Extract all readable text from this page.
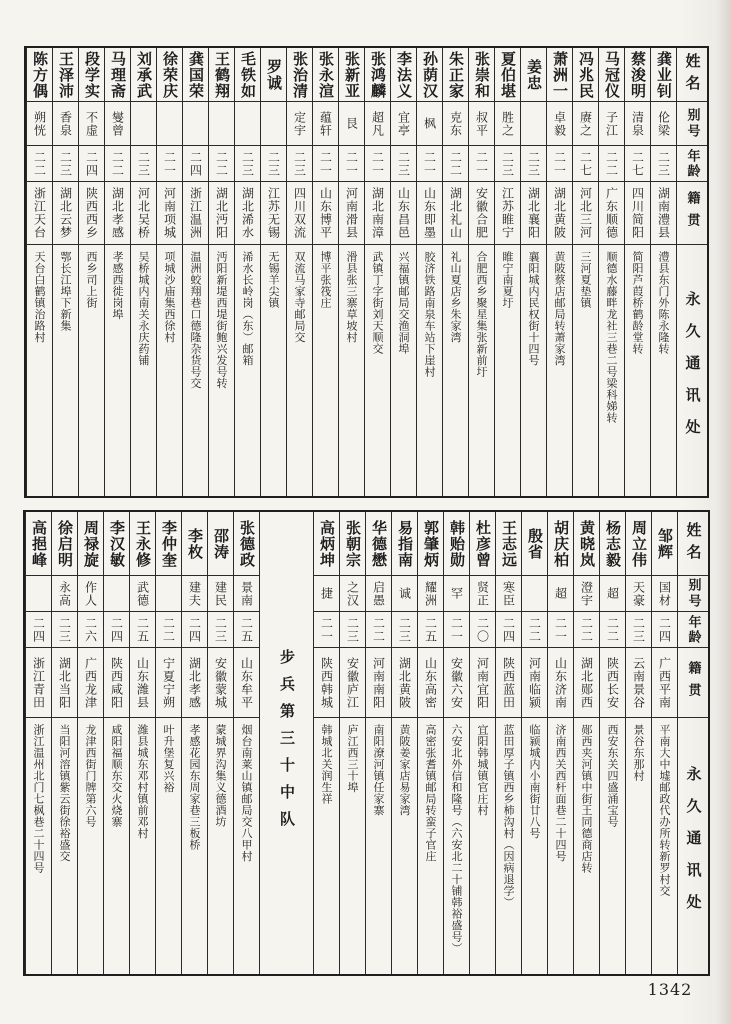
姓名
别号
年龄
籍贯
永久通讯处
龚业钊
伦梁
二三
湖南澧县
澧县东门外陈永隆转
蔡浚明
清泉
二七
四川简阳
简阳芦葭桥鹤龄堂转
马冠仪
子江
二二
广东顺德
顺德水藤畔龙社三巷二号梁科娣转
冯兆民
赓之
二七
河北三河
三河夏垫镇
萧洲一
卓毅
二一
湖北黄陂
黄陂蔡店邮局转萧家湾
姜忠
二三
湖北襄阳
襄阳城内民权街十四号
夏伯堪
胜之
二三
江苏睢宁
睢宁南夏圩
张崇和
叔平
二一
安徽合肥
合肥西乡聚星集张新前圩
朱正家
克东
二二
湖北礼山
礼山夏店乡朱家湾
孙荫汉
枫
二一
山东即墨
胶济铁路南泉车站下崖村
李法义
宜亭
二三
山东昌邑
兴福镇邮局交渔洞埠
张鸿麟
超凡
二一
湖北南漳
武镇丁字街刘天顺交
张新亚
艮
二一
河南滑县
滑县张三寨草坡村
张永渲
蕴轩
二一
山东博平
博平张筏庄
张治清
定宇
二三
四川双流
双流马家寺邮局交
罗诚
二三
江苏无锡
无锡羊尖镇
毛铁如
二三
湖北浠水
浠水长岭岗（东）邮箱
王鹤翔
二二
湖北沔阳
沔阳新堤西堤街鲍兴发号转
龚国荣
二四
浙江温洲
温洲蛟翔巷口德隆杂货号交
徐荣庆
二一
河南项城
项城沙庙集西徐村
刘承武
二三
河北吴桥
吴桥城内南关永庆药铺
马理斋
燮曾
二二
湖北孝感
孝感西徙岗埠
段学实
不虚
二四
陕西西乡
西乡司上街
王泽沛
香泉
二三
湖北云梦
鄂长江埠下新集
陈方偶
朔恍
二二
浙江天台
天台白鹤镇治路村
姓名
别号
年龄
籍贯
永久通讯处
邹辉
国材
二四
广西平南
平南大中墟邮政代办所转新罗村交
周立伟
天豪
二三
云南景谷
景谷东那村
杨志毅
超
二二
陕西长安
西安东关四盛涌宝号
黄晓岚
澄宇
二二
湖北郧西
郧西夹河镇中街王同德商店转
胡庆柏
超
二一
山东济南
济南西关西杆面巷二十四号
殷省
二二
河南临颍
临颍城内小南街廿八号
王志远
寒臣
二四
陕西蓝田
蓝田厚子镇西乡柿沟村（因病退学）
杜彦曾
贤正
二〇
河南宜阳
宜阳韩城镇官庄村
韩贻勋
罕
二一
安徽六安
六安北外信和隆号（六安北二十铺韩裕盛号）
郭肇炳
耀洲
二五
山东高密
高密张耆镇邮局转蛮子官庄
易指南
诚
二三
湖北黄陂
黄陂姜家店易家湾
华德懋
启愚
二二
河南南阳
南阳潦河镇任家寨
张朝宗
之汉
二三
安徽庐江
庐江西三十埠
高炳坤
捷
二一
陕西韩城
韩城北关润生祥
步兵第三十中队
张德政
景南
二五
山东牟平
烟台南莱山镇邮局交八甲村
邵涛
建民
二三
安徽蒙城
蒙城界沟集义德酒坊
李枚
建夫
二四
湖北孝感
孝感花园东周家巷三板桥
李仲奎
二二
宁夏宁朔
叶升堡复兴裕
王永修
武德
二五
山东潍县
潍县城东邓村镇前邓村
李汉敏
二四
陕西咸阳
咸阳福顺东交火烧寨
周禄旋
作人
二六
广西龙津
龙津西街门牌第六号
徐启明
永高
二三
湖北当阳
当阳河溶镇紫云街徐裕盛交
高挹峰
二四
浙江青田
浙江温州北门七枫巷二十四号
1342
